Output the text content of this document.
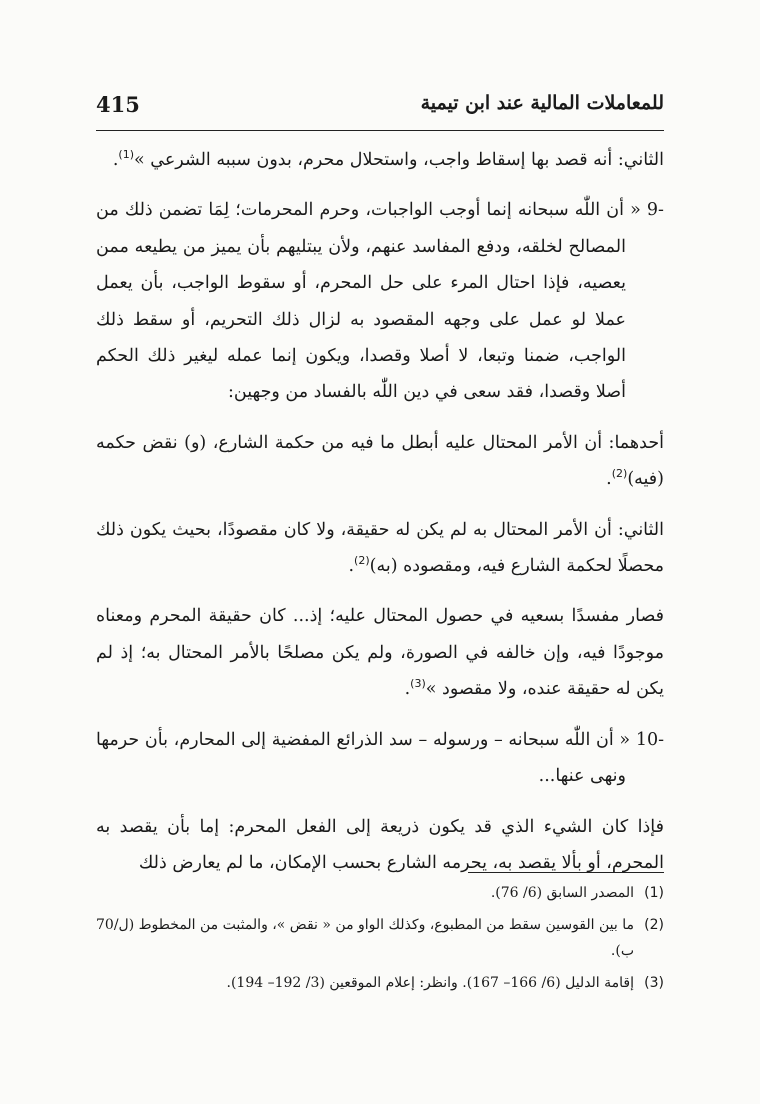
415	للمعاملات المالية عند ابن تيمية

الثاني: أنه قصد بها إسقاط واجب، واستحلال محرم، بدون سببه الشرعي »$^{(1)}$.

9- « أن اللّٰه سبحانه إنما أوجب الواجبات، وحرم المحرمات؛ لِمَا تضمن ذلك من المصالح لخلقه، ودفع المفاسد عنهم، ولأن يبتليهم بأن يميز من يطيعه ممن يعصيه، فإذا احتال المرء على حل المحرم، أو سقوط الواجب، بأن يعمل عملا لو عمل على وجهه المقصود به لزال ذلك التحريم، أو سقط ذلك الواجب، ضمنا وتبعا، لا أصلا وقصدا، ويكون إنما عمله ليغير ذلك الحكم أصلا وقصدا، فقد سعى في دين اللّٰه بالفساد من وجهين:

أحدهما: أن الأمر المحتال عليه أبطل ما فيه من حكمة الشارع، (و) نقض حكمه (فيه)$^{(2)}$.

الثاني: أن الأمر المحتال به لم يكن له حقيقة، ولا كان مقصودًا، بحيث يكون ذلك محصلًا لحكمة الشارع فيه، ومقصوده (به)$^{(2)}$.

فصار مفسدًا بسعيه في حصول المحتال عليه؛ إذ... كان حقيقة المحرم ومعناه موجودًا فيه، وإن خالفه في الصورة، ولم يكن مصلحًا بالأمر المحتال به؛ إذ لم يكن له حقيقة عنده، ولا مقصود »$^{(3)}$.

10- « أن اللّٰه سبحانه – ورسوله – سد الذرائع المفضية إلى المحارم، بأن حرمها ونهى عنها...

فإذا كان الشيء الذي قد يكون ذريعة إلى الفعل المحرم: إما بأن يقصد به المحرم، أو بألا يقصد به، يحرمه الشارع بحسب الإمكان، ما لم يعارض ذلك

(1)
المصدر السابق (6/ 76).
(2)
ما بين القوسين سقط من المطبوع، وكذلك الواو من « نقض »، والمثبت من المخطوط (ل/70 ب).
(3)
إقامة الدليل (6/ 166– 167). وانظر: إعلام الموقعين (3/ 192– 194).
